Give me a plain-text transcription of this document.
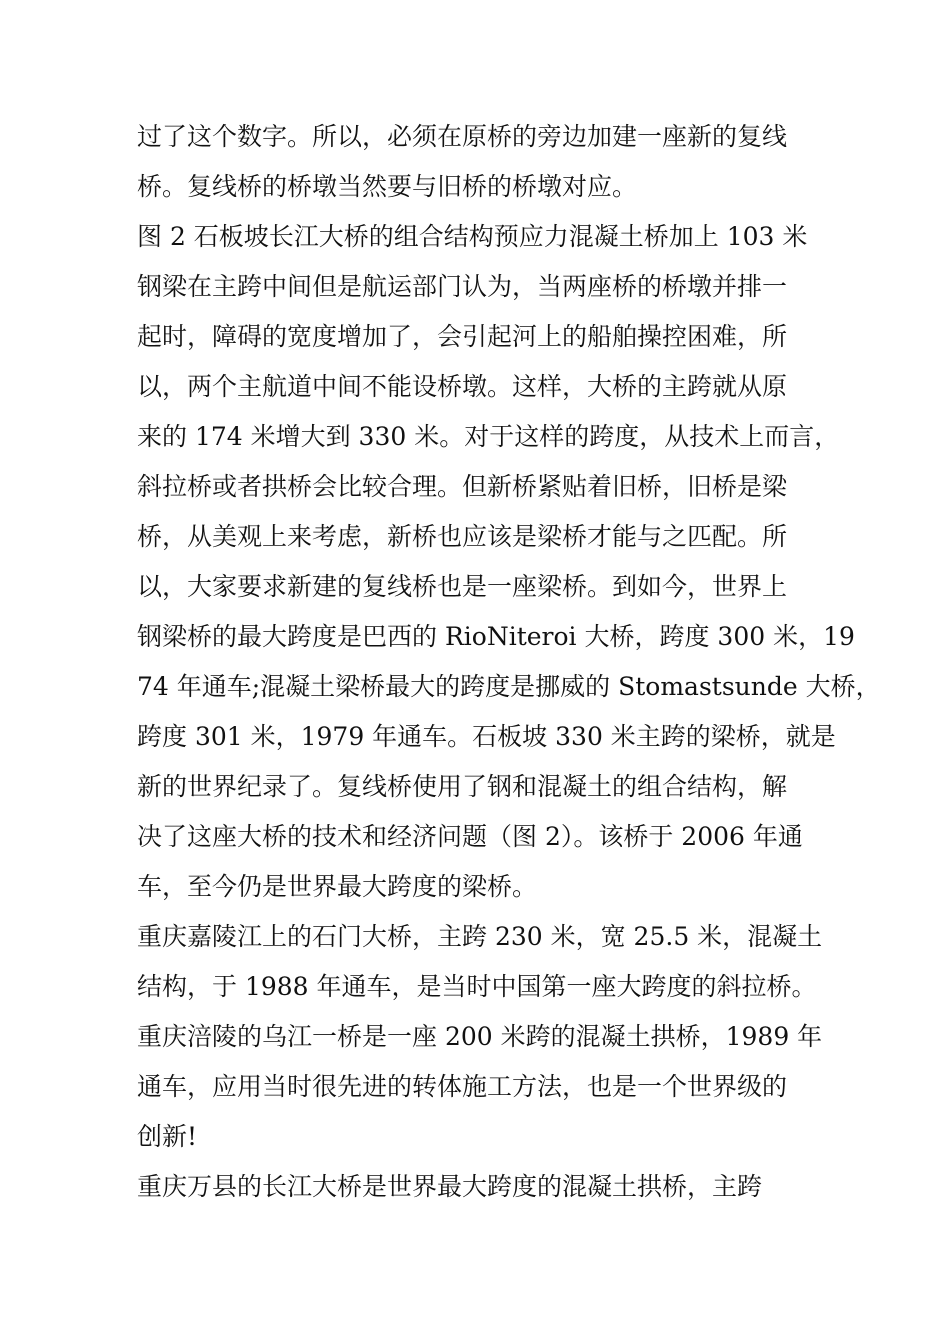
过了这个数字。所以，必须在原桥的旁边加建一座新的复线
桥。复线桥的桥墩当然要与旧桥的桥墩对应。
图 2 石板坡长江大桥的组合结构预应力混凝土桥加上 103 米
钢梁在主跨中间但是航运部门认为，当两座桥的桥墩并排一
起时，障碍的宽度增加了，会引起河上的船舶操控困难，所
以，两个主航道中间不能设桥墩。这样，大桥的主跨就从原
来的 174 米增大到 330 米。对于这样的跨度，从技术上而言，
斜拉桥或者拱桥会比较合理。但新桥紧贴着旧桥，旧桥是梁
桥，从美观上来考虑，新桥也应该是梁桥才能与之匹配。所
以，大家要求新建的复线桥也是一座梁桥。到如今，世界上
钢梁桥的最大跨度是巴西的 RioNiteroi 大桥，跨度 300 米，19
74 年通车;混凝土梁桥最大的跨度是挪威的 Stomastsunde 大桥，
跨度 301 米，1979 年通车。石板坡 330 米主跨的梁桥，就是
新的世界纪录了。复线桥使用了钢和混凝土的组合结构，解
决了这座大桥的技术和经济问题（图 2）。该桥于 2006 年通
车，至今仍是世界最大跨度的梁桥。
重庆嘉陵江上的石门大桥，主跨 230 米，宽 25.5 米，混凝土
结构，于 1988 年通车，是当时中国第一座大跨度的斜拉桥。
重庆涪陵的乌江一桥是一座 200 米跨的混凝土拱桥，1989 年
通车，应用当时很先进的转体施工方法，也是一个世界级的
创新!
重庆万县的长江大桥是世界最大跨度的混凝土拱桥，主跨
